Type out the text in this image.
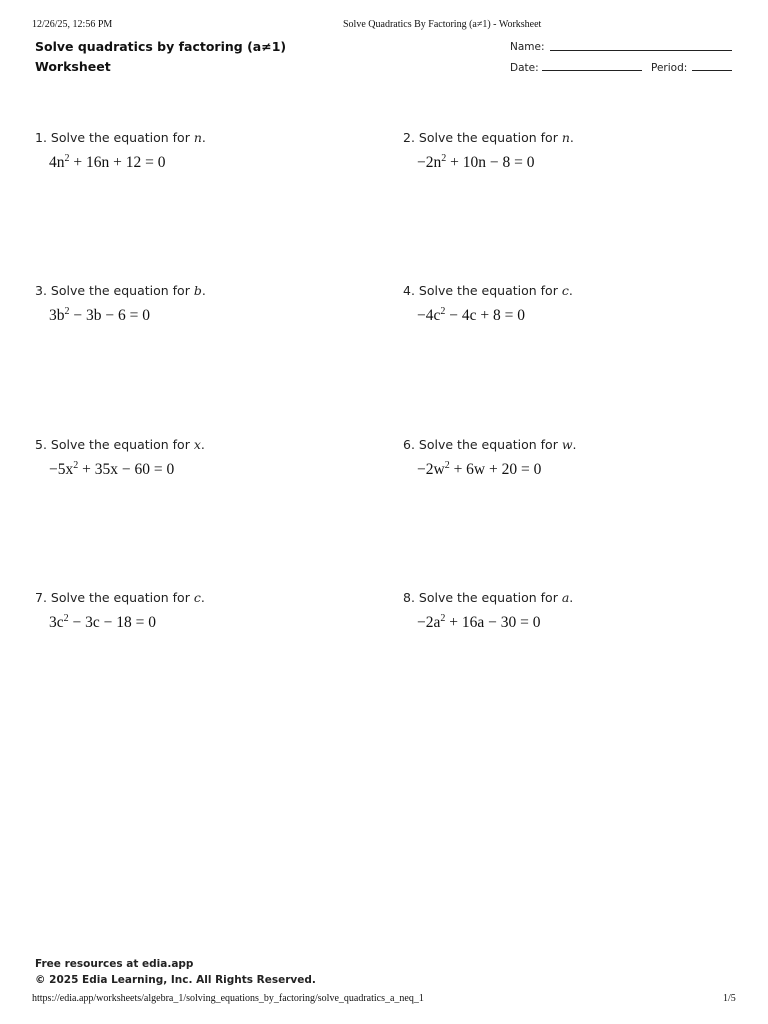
12/26/25, 12:56 PM	Solve Quadratics By Factoring (a≠1) - Worksheet
Solve quadratics by factoring (a≠1)
Worksheet
Name:
Date:	Period:
1. Solve the equation for n.
$4n^2 + 16n + 12 = 0$
2. Solve the equation for n.
$-2n^2 + 10n - 8 = 0$
3. Solve the equation for b.
$3b^2 - 3b - 6 = 0$
4. Solve the equation for c.
$-4c^2 - 4c + 8 = 0$
5. Solve the equation for x.
$-5x^2 + 35x - 60 = 0$
6. Solve the equation for w.
$-2w^2 + 6w + 20 = 0$
7. Solve the equation for c.
$3c^2 - 3c - 18 = 0$
8. Solve the equation for a.
$-2a^2 + 16a - 30 = 0$
Free resources at edia.app
© 2025 Edia Learning, Inc. All Rights Reserved.
https://edia.app/worksheets/algebra_1/solving_equations_by_factoring/solve_quadratics_a_neq_1	1/5
